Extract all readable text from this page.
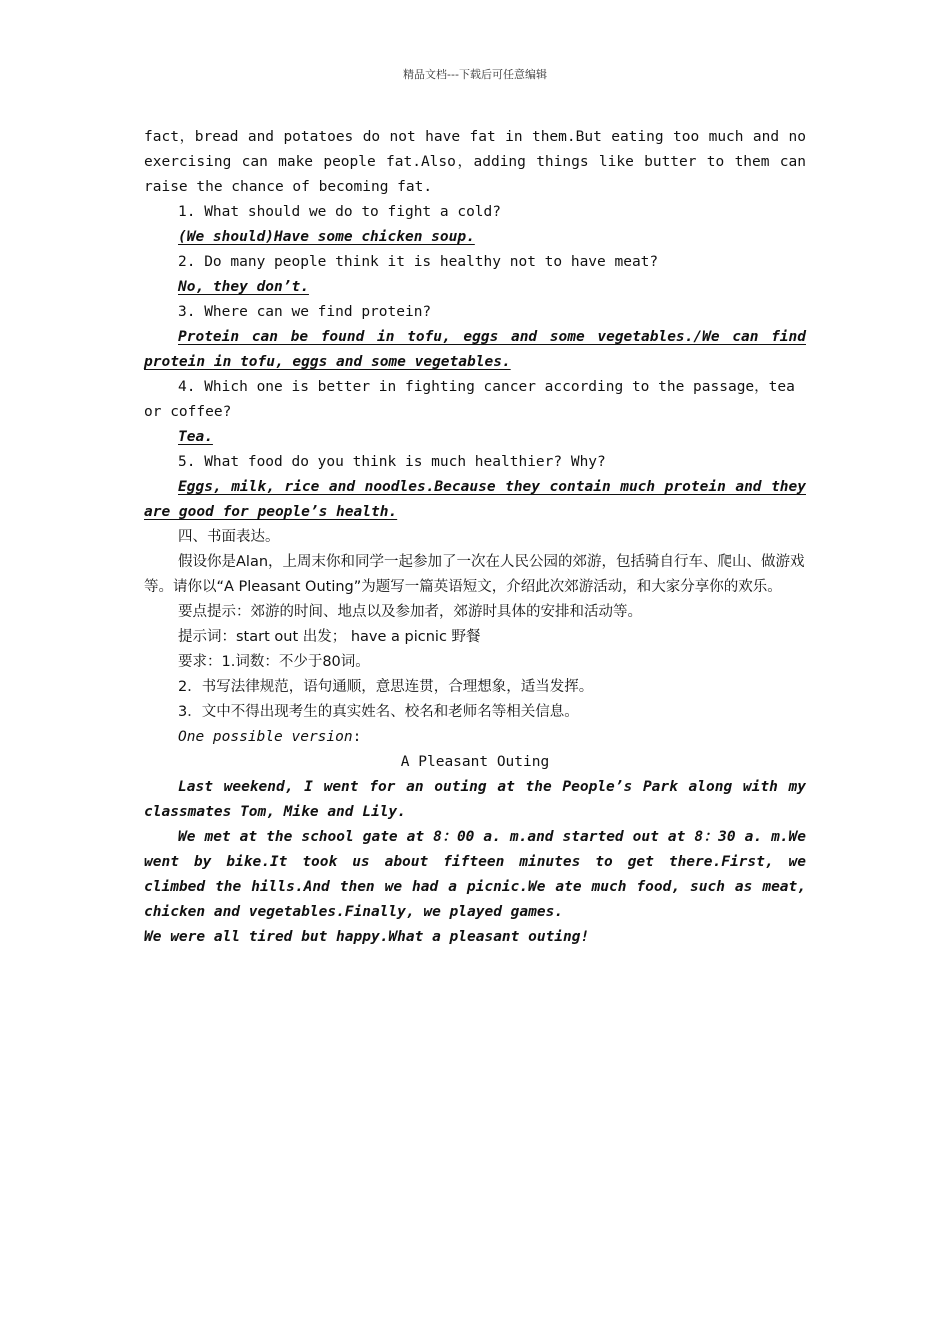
精品文档---下载后可任意编辑

fact，bread and potatoes do not have fat in them.But eating too much and no exercising can make people fat.Also，adding things like butter to them can raise the chance of becoming fat.

1. What should we do to fight a cold?

(We should)Have some chicken soup.

2. Do many people think it is healthy not to have meat?

No, they don’t.

3. Where can we find protein?

Protein can be found in tofu, eggs and some vegetables./We can find protein in tofu, eggs and some vegetables.

4. Which one is better in fighting cancer according to the passage，tea or coffee?

Tea.

5. What food do you think is much healthier? Why?

Eggs, milk, rice and noodles.Because they contain much protein and they are good for people’s health.

四、书面表达。

假设你是Alan，上周末你和同学一起参加了一次在人民公园的郊游，包括骑自行车、爬山、做游戏等。请你以“A Pleasant Outing”为题写一篇英语短文，介绍此次郊游活动，和大家分享你的欢乐。

要点提示：郊游的时间、地点以及参加者，郊游时具体的安排和活动等。

提示词：start out 出发； have a picnic 野餐

要求：1.词数：不少于80词。

2．书写法律规范，语句通顺，意思连贯，合理想象，适当发挥。

3．文中不得出现考生的真实姓名、校名和老师名等相关信息。

One possible version:

A Pleasant Outing

Last weekend, I went for an outing at the People’s Park along with my classmates Tom, Mike and Lily.

We met at the school gate at 8：00 a. m.and started out at 8：30 a. m.We went by bike.It took us about fifteen minutes to get there.First, we climbed the hills.And then we had a picnic.We ate much food, such as meat, chicken and vegetables.Finally, we played games.

We were all tired but happy.What a pleasant outing!
